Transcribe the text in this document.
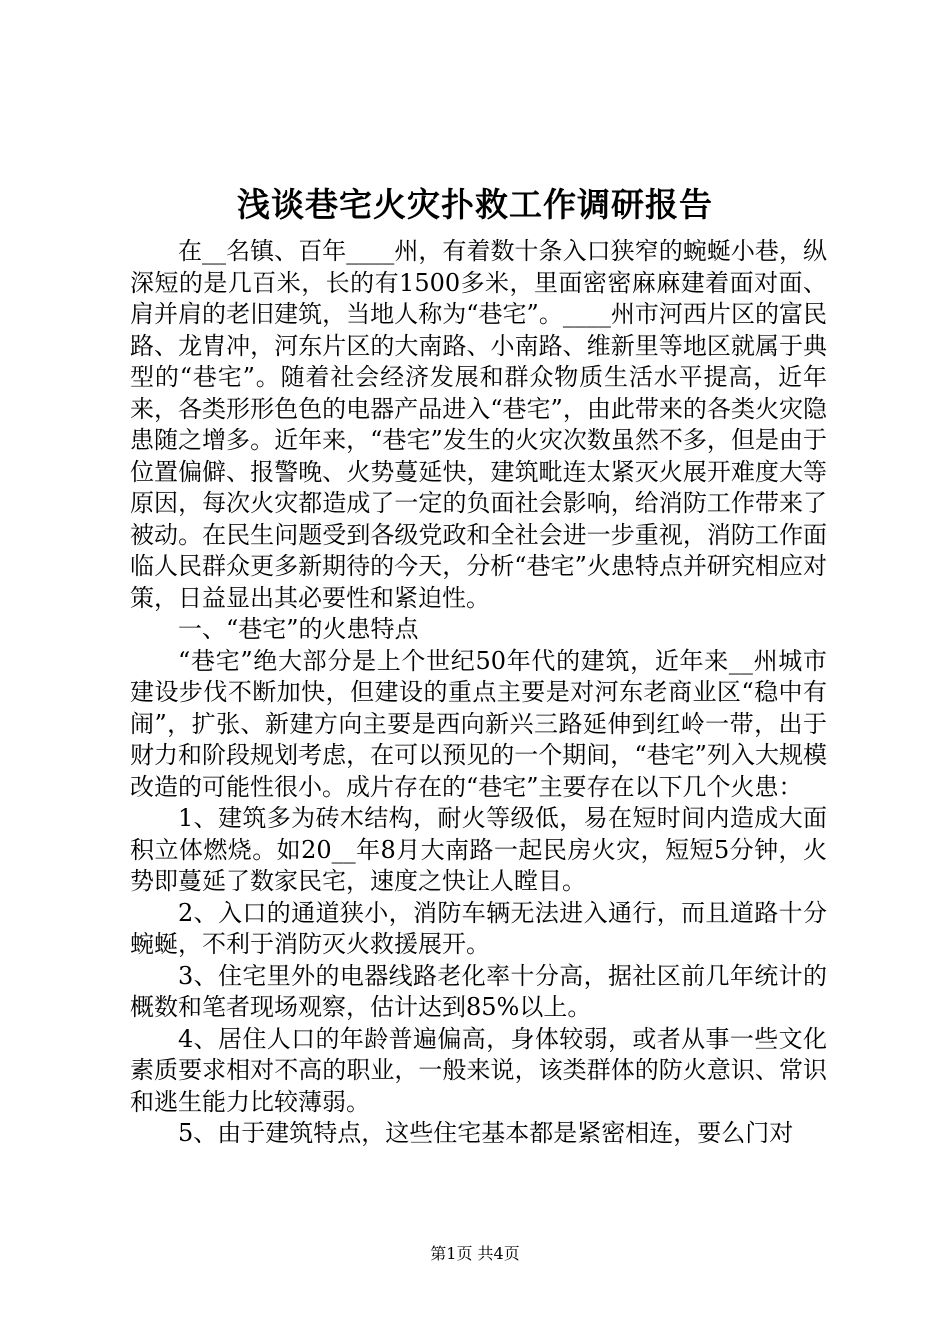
浅谈巷宅火灾扑救工作调研报告

在__名镇、百年____州，有着数十条入口狭窄的蜿蜒小巷，纵深短的是几百米，长的有1500多米，里面密密麻麻建着面对面、肩并肩的老旧建筑，当地人称为“巷宅”。____州市河西片区的富民路、龙胄冲，河东片区的大南路、小南路、维新里等地区就属于典型的“巷宅”。随着社会经济发展和群众物质生活水平提高，近年来，各类形形色色的电器产品进入“巷宅”，由此带来的各类火灾隐患随之增多。近年来，“巷宅”发生的火灾次数虽然不多，但是由于位置偏僻、报警晚、火势蔓延快，建筑毗连太紧灭火展开难度大等原因，每次火灾都造成了一定的负面社会影响，给消防工作带来了被动。在民生问题受到各级党政和全社会进一步重视，消防工作面临人民群众更多新期待的今天，分析“巷宅”火患特点并研究相应对策，日益显出其必要性和紧迫性。

一、“巷宅”的火患特点

“巷宅”绝大部分是上个世纪50年代的建筑，近年来__州城市建设步伐不断加快，但建设的重点主要是对河东老商业区“稳中有闹”，扩张、新建方向主要是西向新兴三路延伸到红岭一带，出于财力和阶段规划考虑，在可以预见的一个期间，“巷宅”列入大规模改造的可能性很小。成片存在的“巷宅”主要存在以下几个火患：

1、建筑多为砖木结构，耐火等级低，易在短时间内造成大面积立体燃烧。如20__年8月大南路一起民房火灾，短短5分钟，火势即蔓延了数家民宅，速度之快让人瞠目。

2、入口的通道狭小，消防车辆无法进入通行，而且道路十分蜿蜒，不利于消防灭火救援展开。

3、住宅里外的电器线路老化率十分高，据社区前几年统计的概数和笔者现场观察，估计达到85%以上。

4、居住人口的年龄普遍偏高，身体较弱，或者从事一些文化素质要求相对不高的职业，一般来说，该类群体的防火意识、常识和逃生能力比较薄弱。

5、由于建筑特点，这些住宅基本都是紧密相连，要么门对

第1页 共4页
